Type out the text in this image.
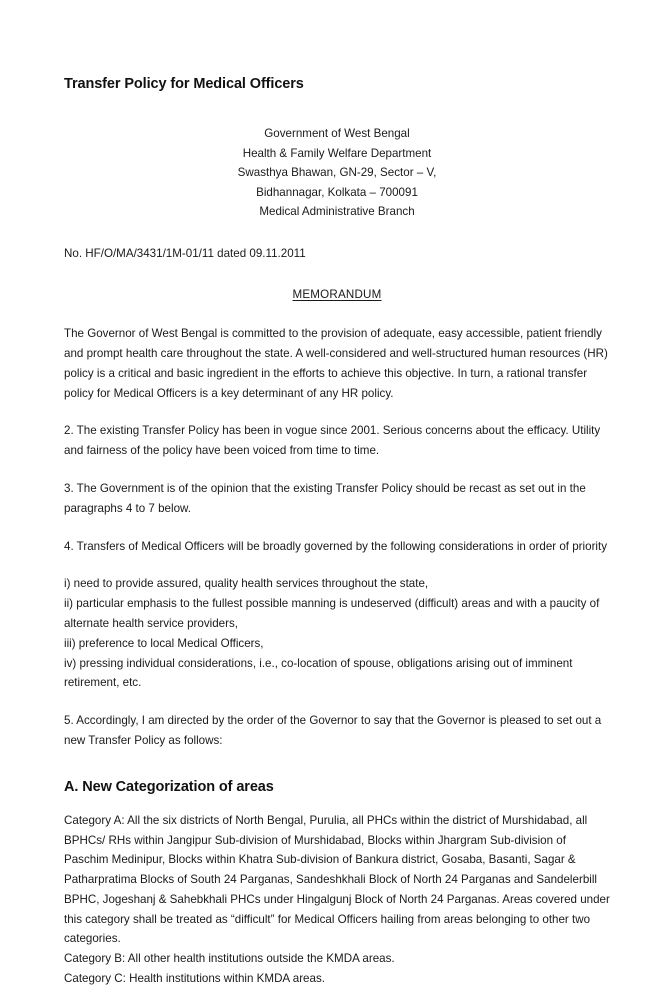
Transfer Policy for Medical Officers
Government of West Bengal
Health & Family Welfare Department
Swasthya Bhawan, GN-29, Sector – V,
Bidhannagar, Kolkata – 700091
Medical Administrative Branch
No. HF/O/MA/3431/1M-01/11 dated 09.11.2011
MEMORANDUM

The Governor of West Bengal is committed to the provision of adequate, easy accessible, patient friendly and prompt health care throughout the state. A well-considered and well-structured human resources (HR) policy is a critical and basic ingredient in the efforts to achieve this objective. In turn, a rational transfer policy for Medical Officers is a key determinant of any HR policy.

2. The existing Transfer Policy has been in vogue since 2001. Serious concerns about the efficacy. Utility and fairness of the policy have been voiced from time to time.

3. The Government is of the opinion that the existing Transfer Policy should be recast as set out in the paragraphs 4 to 7 below.

4. Transfers of Medical Officers will be broadly governed by the following considerations in order of priority

i) need to provide assured, quality health services throughout the state,
ii) particular emphasis to the fullest possible manning is undeserved (difficult) areas and with a paucity of alternate health service providers,
iii) preference to local Medical Officers,
iv) pressing individual considerations, i.e., co-location of spouse, obligations arising out of imminent retirement, etc.

5. Accordingly, I am directed by the order of the Governor to say that the Governor is pleased to set out a new Transfer Policy as follows:

A. New Categorization of areas
Category A: All the six districts of North Bengal, Purulia, all PHCs within the district of Murshidabad, all BPHCs/ RHs within Jangipur Sub-division of Murshidabad, Blocks within Jhargram Sub-division of Paschim Medinipur, Blocks within Khatra Sub-division of Bankura district, Gosaba, Basanti, Sagar & Patharpratima Blocks of South 24 Parganas, Sandeshkhali Block of North 24 Parganas and Sandelerbill BPHC, Jogeshanj & Sahebkhali PHCs under Hingalgunj Block of North 24 Parganas. Areas covered under this category shall be treated as “difficult” for Medical Officers hailing from areas belonging to other two categories.
Category B: All other health institutions outside the KMDA areas.
Category C: Health institutions within KMDA areas.
